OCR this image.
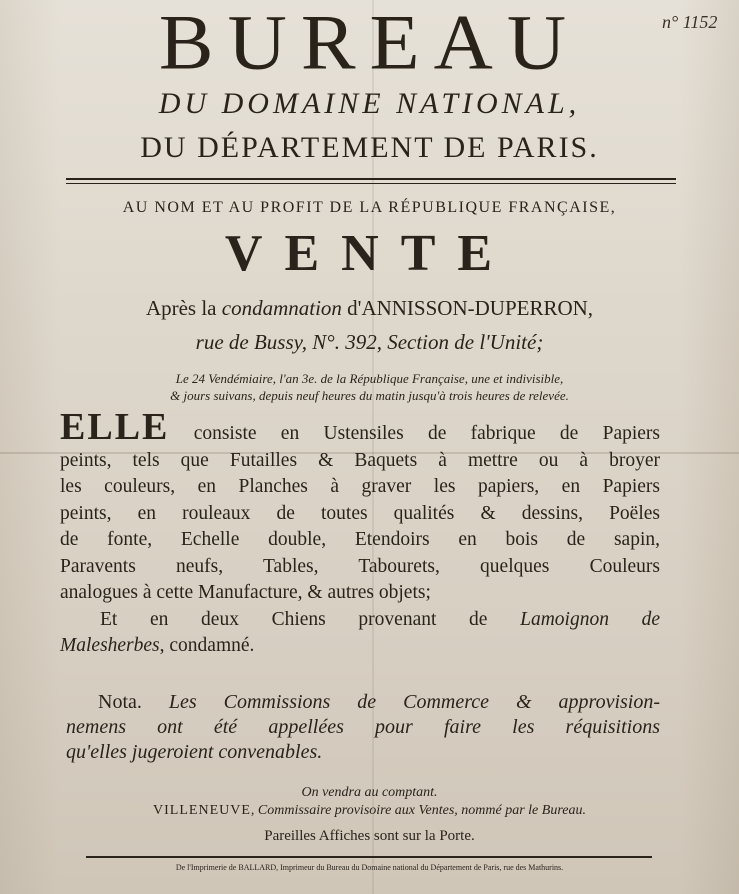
n° 1152
BUREAU
DU DOMAINE NATIONAL,
DU DÉPARTEMENT DE PARIS.
AU NOM ET AU PROFIT DE LA RÉPUBLIQUE FRANÇAISE,
VENTE
Après la condamnation d'ANNISSON-DUPERRON,
rue de Bussy, N°. 392, Section de l'Unité;
Le 24 Vendémiaire, l'an 3e. de la République Française, une et indivisible,
& jours suivans, depuis neuf heures du matin jusqu'à trois heures de relevée.
ELLE consiste en Ustensiles de fabrique de Papiers
peints, tels que Futailles & Baquets à mettre ou à broyer
les couleurs, en Planches à graver les papiers, en Papiers
peints, en rouleaux de toutes qualités & dessins, Poëles
de fonte, Echelle double, Etendoirs en bois de sapin,
Paravents neufs, Tables, Tabourets, quelques Couleurs
analogues à cette Manufacture, & autres objets;
Et en deux Chiens provenant de Lamoignon de
Malesherbes, condamné.
Nota. Les Commissions de Commerce & approvision-
nemens ont été appellées pour faire les réquisitions
qu'elles jugeroient convenables.
On vendra au comptant.
VILLENEUVE, Commissaire provisoire aux Ventes, nommé par le Bureau.
Pareilles Affiches sont sur la Porte.
De l'Imprimerie de BALLARD, Imprimeur du Bureau du Domaine national du Département de Paris, rue des Mathurins.
